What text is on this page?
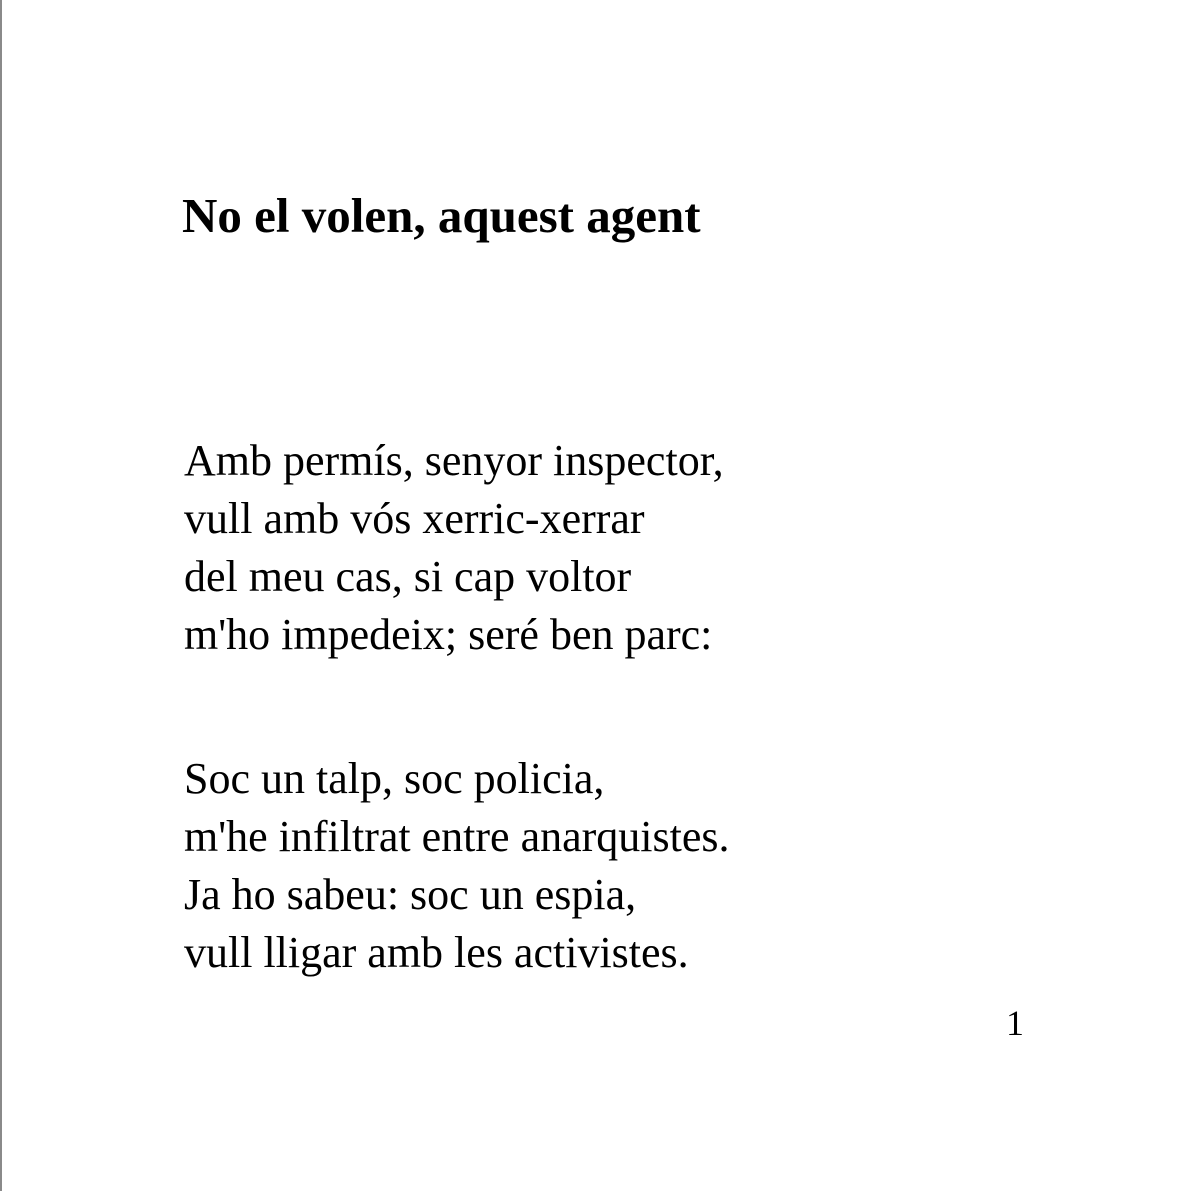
No el volen, aquest agent

Amb permís, senyor inspector,
vull amb vós xerric-xerrar
del meu cas, si cap voltor
m'ho impedeix; seré ben parc:

Soc un talp, soc policia,
m'he infiltrat entre anarquistes.
Ja ho sabeu: soc un espia,
vull lligar amb les activistes.

1
